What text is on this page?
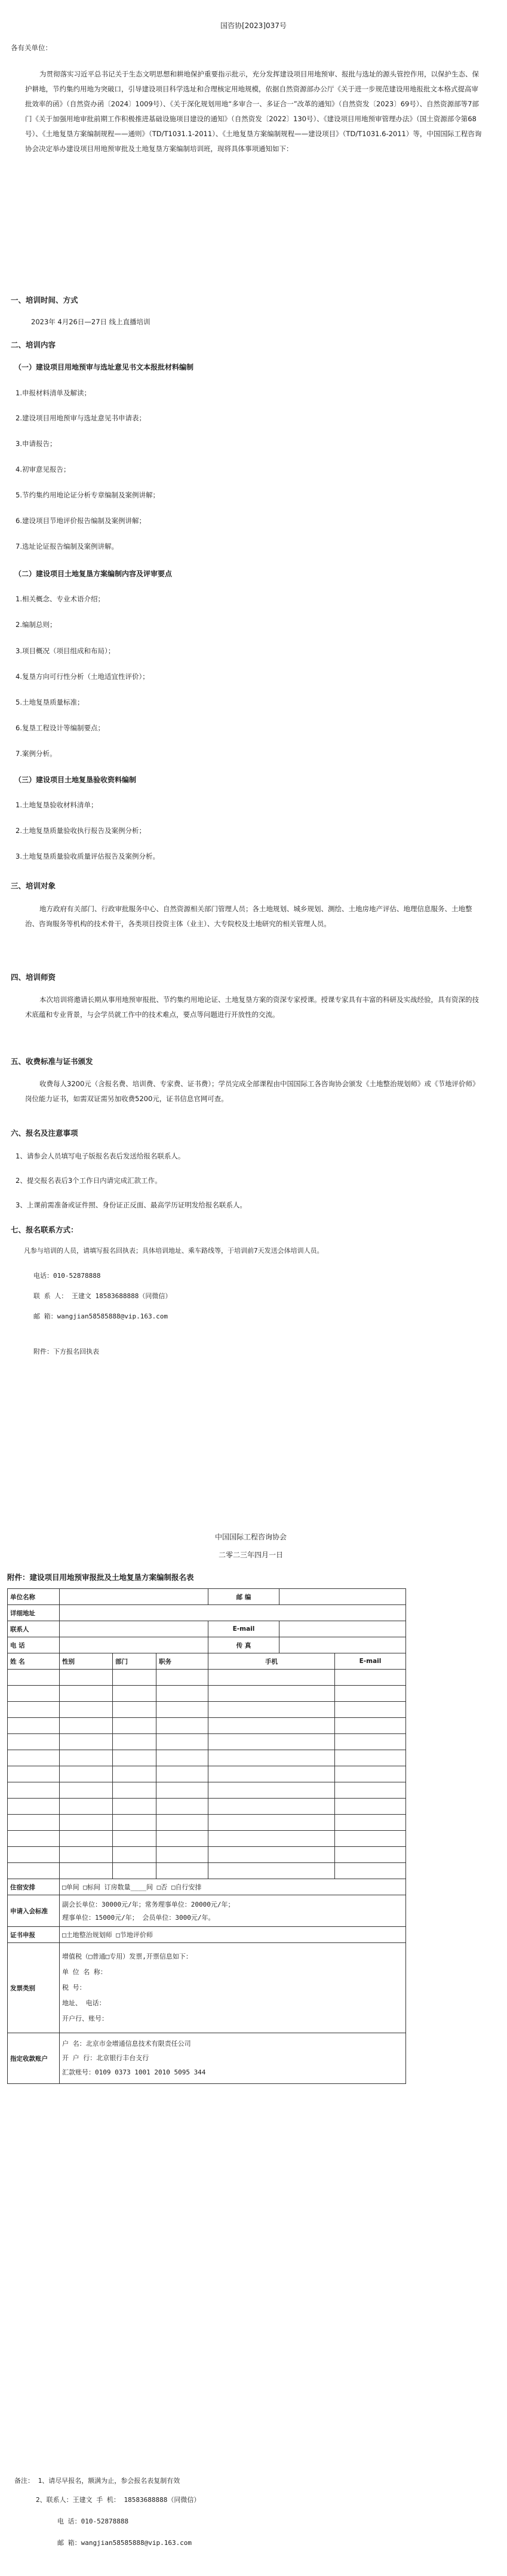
国咨协[2023]037号
各有关单位：
为贯彻落实习近平总书记关于生态文明思想和耕地保护重要指示批示，充分发挥建设项目用地预审、报批与选址的源头管控作用，以保护生态、保护耕地，节约集约用地为突破口，引导建设项目科学选址和合理核定用地规模，依据自然资源部办公厅《关于进一步规范建设用地报批文本格式提高审批效率的函》（自然资办函〔2024〕1009号）、《关于深化规划用地“多审合一、多证合一”改革的通知》（自然资发〔2023〕69号）、自然资源部等7部门《关于加强用地审批前期工作积极推进基础设施项目建设的通知》（自然资发〔2022〕130号）、《建设项目用地预审管理办法》（国土资源部令第68号）、《土地复垦方案编制规程——通则》（TD/T1031.1-2011）、《土地复垦方案编制规程——建设项目》（TD/T1031.6-2011）等，中国国际工程咨询协会决定举办建设项目用地预审批及土地复垦方案编制培训班，现将具体事项通知如下：
一、培训时间、方式
2023年 4月26日—27日 线上直播培训
二、培训内容
（一）建设项目用地预审与选址意见书文本报批材料编制
1.申报材料清单及解读；
2.建设项目用地预审与选址意见书申请表；
3.申请报告；
4.初审意见报告；
5.节约集约用地论证分析专章编制及案例讲解；
6.建设项目节地评价报告编制及案例讲解；
7.选址论证报告编制及案例讲解。
（二）建设项目土地复垦方案编制内容及评审要点
1.相关概念、专业术语介绍；
2.编制总则；
3.项目概况（项目组成和布局）；
4.复垦方向可行性分析（土地适宜性评价）；
5.土地复垦质量标准；
6.复垦工程设计等编制要点；
7.案例分析。
（三）建设项目土地复垦验收资料编制
1.土地复垦验收材料清单；
2.土地复垦质量验收执行报告及案例分析；
3.土地复垦质量验收质量评估报告及案例分析。
三、培训对象
地方政府有关部门、行政审批服务中心、自然资源相关部门管理人员；各土地规划、城乡规划、测绘、土地房地产评估、地理信息服务、土地整治、咨询服务等机构的技术骨干，各类项目投资主体（业主）、大专院校及土地研究的相关管理人员。
四、培训师资
本次培训将邀请长期从事用地预审报批、节约集约用地论证、土地复垦方案的资深专家授课。授课专家具有丰富的科研及实战经验，具有资深的技术底蕴和专业背景，与会学员就工作中的技术难点，要点等问题进行开放性的交流。
五、收费标准与证书颁发
收费每人3200元（含报名费、培训费、专家费、证书费）；学员完成全部课程由中国国际工各咨询协会颁发《土地整治规划师》或《节地评价师》岗位能力证书，如需双证需另加收费5200元，证书信息官网可查。
六、报名及注意事项
1、请参会人员填写电子版报名表后发送给报名联系人。
2、提交报名表后3个工作日内请完成汇款工作。
3、上课前需准备或证件照、身份证正反面、最高学历证明发给报名联系人。
七、报名联系方式：
凡参与培训的人员，请填写报名回执表；具体培训地址、乘车路线等，于培训前7天发送会体培训人员。
电话：010-52878888
联 系 人： 王建文 18583688888（同微信）
邮 箱：wangjian58585888@vip.163.com
附件：下方报名回执表
中国国际工程咨询协会
二零二三年四月一日
附件：建设项目用地预审报批及土地复垦方案编制报名表
单位名称				邮 编		
详细地址						
联系人				E-mail		
电 话				传 真		
姓 名	性别	部门	职务	手机		E-mail

住宿安排	□单间 □标间 订房数量____间 □否 □自行安排					
申请入会标准	副会长单位：30000元/年；常务理事单位：20000元/年；
理事单位：15000元/年； 会员单位：3000元/年。					

证书申报	□土地整治规划师 □节地评价师					
发票类别	增值税（□普通□专用）发票,开票信息如下：
单 位 名 称：
税 号：
地址、 电话：
开户行、账号：					

指定收款账户	户 名：北京市金增通信息技术有限责任公司
开 户 行：北京银行丰台支行
汇款账号：0109 0373 1001 2010 5095 344					
备注： 1、请尽早报名，额满为止，参会报名表复制有效
2、联系人：王建文 手 机： 18583688888（同微信）
电 话：010-52878888
邮 箱：wangjian58585888@vip.163.com
